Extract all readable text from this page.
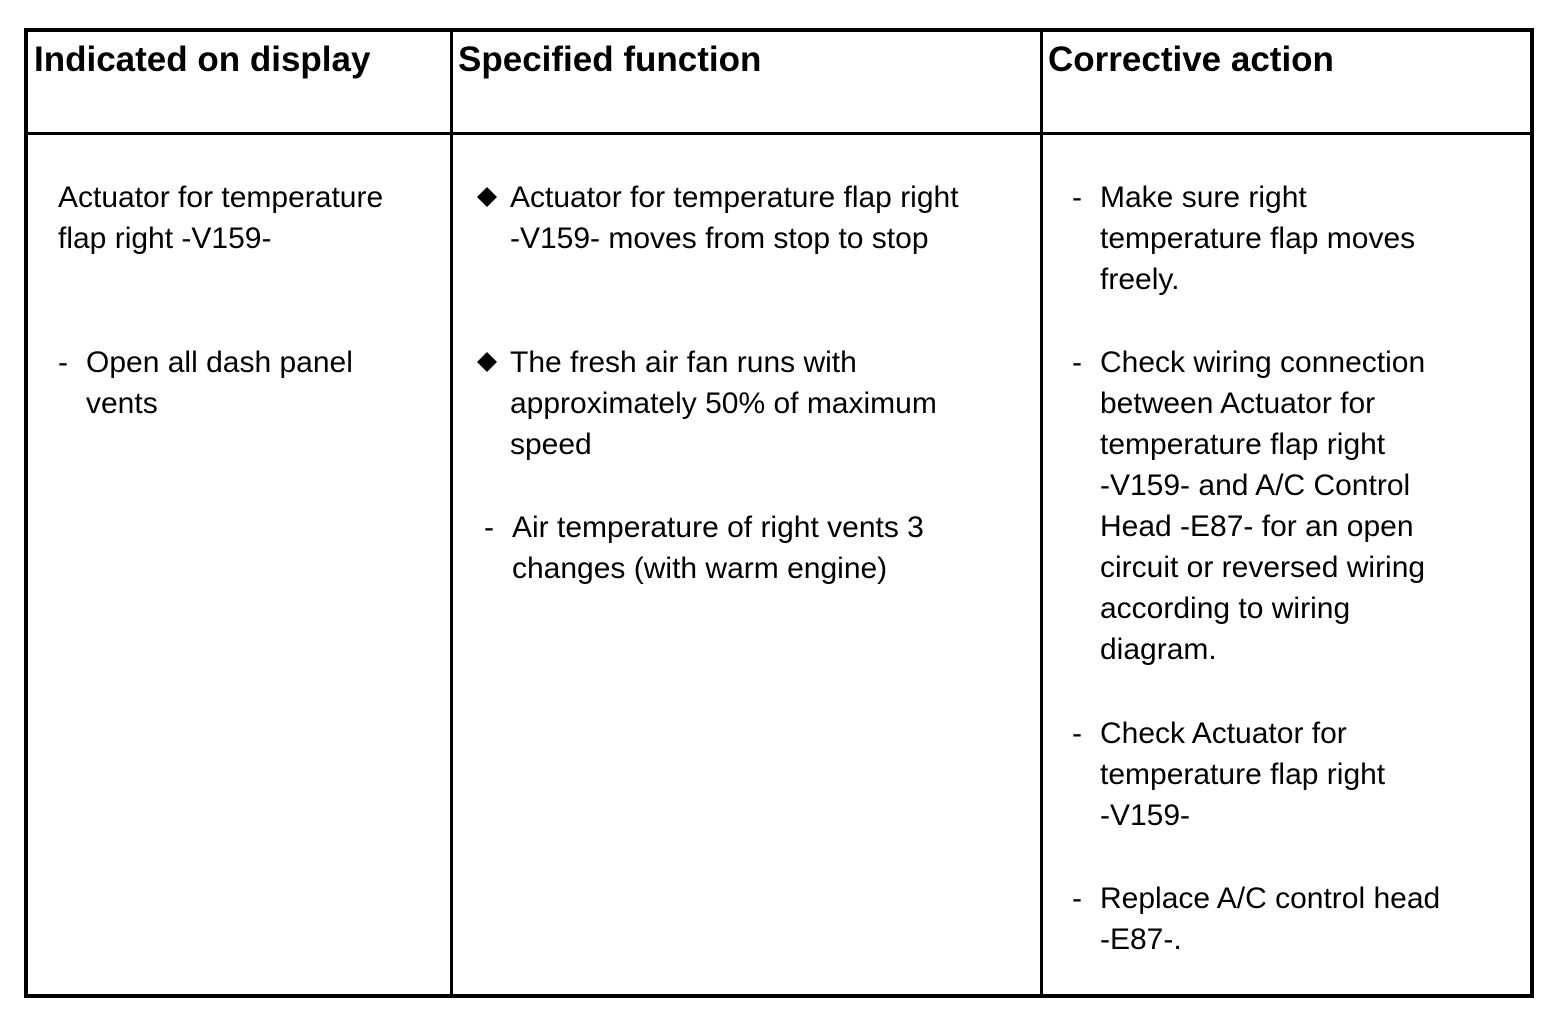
Indicated on display	Specified function	Corrective action
Actuator for temperature
flap right -V159-
- Open all dash panel
vents
Actuator for temperature flap right
-V159- moves from stop to stop
The fresh air fan runs with
approximately 50% of maximum
speed
- Air temperature of right vents 3
changes (with warm engine)
- Make sure right
temperature flap moves
freely.
- Check wiring connection
between Actuator for
temperature flap right
-V159- and A/C Control
Head -E87- for an open
circuit or reversed wiring
according to wiring
diagram.
- Check Actuator for
temperature flap right
-V159-
- Replace A/C control head
-E87-.
